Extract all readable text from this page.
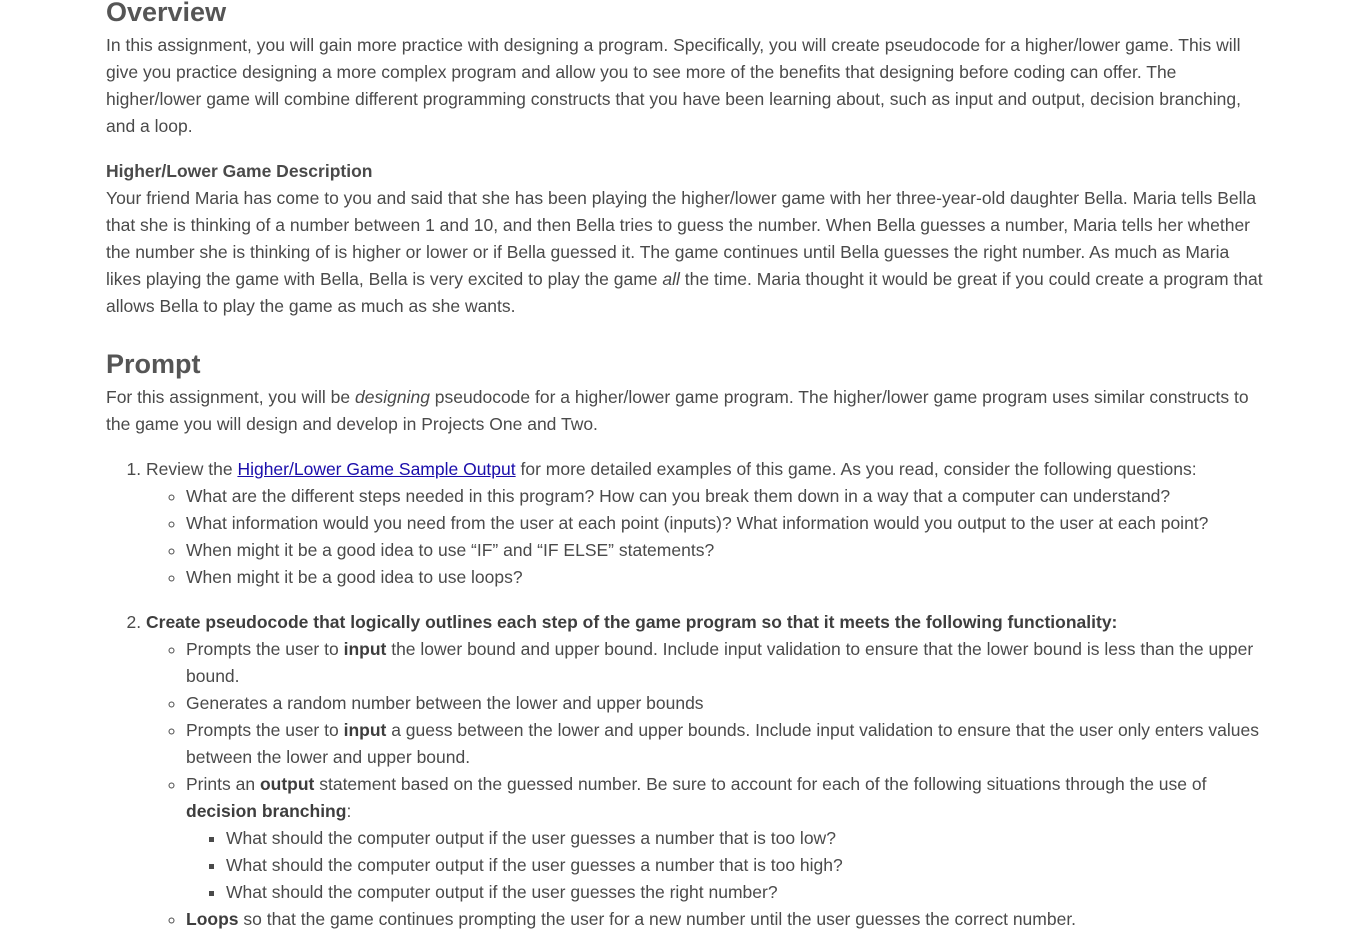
Overview

In this assignment, you will gain more practice with designing a program. Specifically, you will create pseudocode for a higher/lower game. This will give you practice designing a more complex program and allow you to see more of the benefits that designing before coding can offer. The higher/lower game will combine different programming constructs that you have been learning about, such as input and output, decision branching, and a loop.

Higher/Lower Game Description

Your friend Maria has come to you and said that she has been playing the higher/lower game with her three-year-old daughter Bella. Maria tells Bella that she is thinking of a number between 1 and 10, and then Bella tries to guess the number. When Bella guesses a number, Maria tells her whether the number she is thinking of is higher or lower or if Bella guessed it. The game continues until Bella guesses the right number. As much as Maria likes playing the game with Bella, Bella is very excited to play the game all the time. Maria thought it would be great if you could create a program that allows Bella to play the game as much as she wants.

Prompt

For this assignment, you will be designing pseudocode for a higher/lower game program. The higher/lower game program uses similar constructs to the game you will design and develop in Projects One and Two.

1. Review the Higher/Lower Game Sample Output for more detailed examples of this game. As you read, consider the following questions:
◦ What are the different steps needed in this program? How can you break them down in a way that a computer can understand?
◦ What information would you need from the user at each point (inputs)? What information would you output to the user at each point?
◦ When might it be a good idea to use “IF” and “IF ELSE” statements?
◦ When might it be a good idea to use loops?
2. Create pseudocode that logically outlines each step of the game program so that it meets the following functionality:
◦ Prompts the user to input the lower bound and upper bound. Include input validation to ensure that the lower bound is less than the upper bound.
◦ Generates a random number between the lower and upper bounds
◦ Prompts the user to input a guess between the lower and upper bounds. Include input validation to ensure that the user only enters values between the lower and upper bound.
◦ Prints an output statement based on the guessed number. Be sure to account for each of the following situations through the use of decision branching:
▪ What should the computer output if the user guesses a number that is too low?
▪ What should the computer output if the user guesses a number that is too high?
▪ What should the computer output if the user guesses the right number?
◦ Loops so that the game continues prompting the user for a new number until the user guesses the correct number.
